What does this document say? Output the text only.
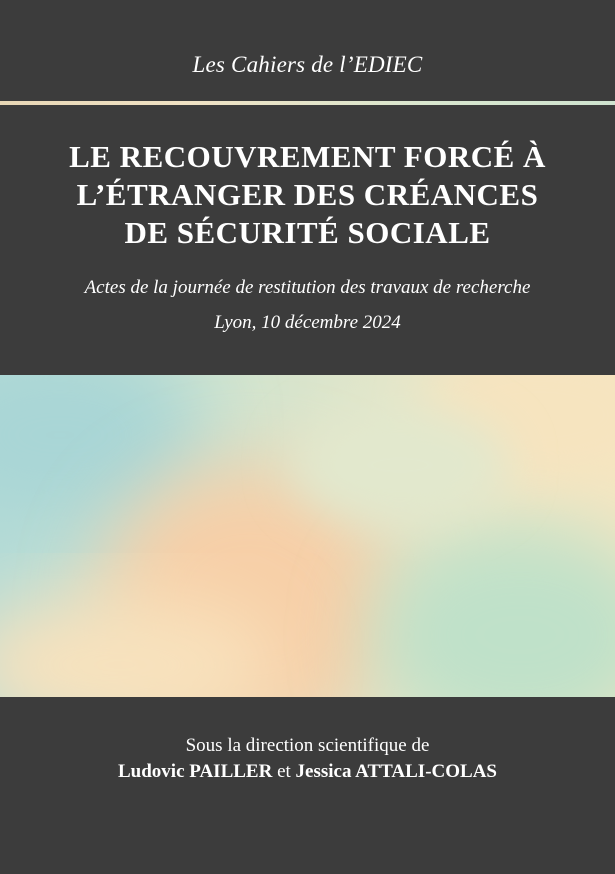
Les Cahiers de l’EDIEC
LE RECOUVREMENT FORCÉ À
L’ÉTRANGER DES CRÉANCES
DE SÉCURITÉ SOCIALE
Actes de la journée de restitution des travaux de recherche
Lyon, 10 décembre 2024
Sous la direction scientifique de
Ludovic PAILLER et Jessica ATTALI-COLAS
